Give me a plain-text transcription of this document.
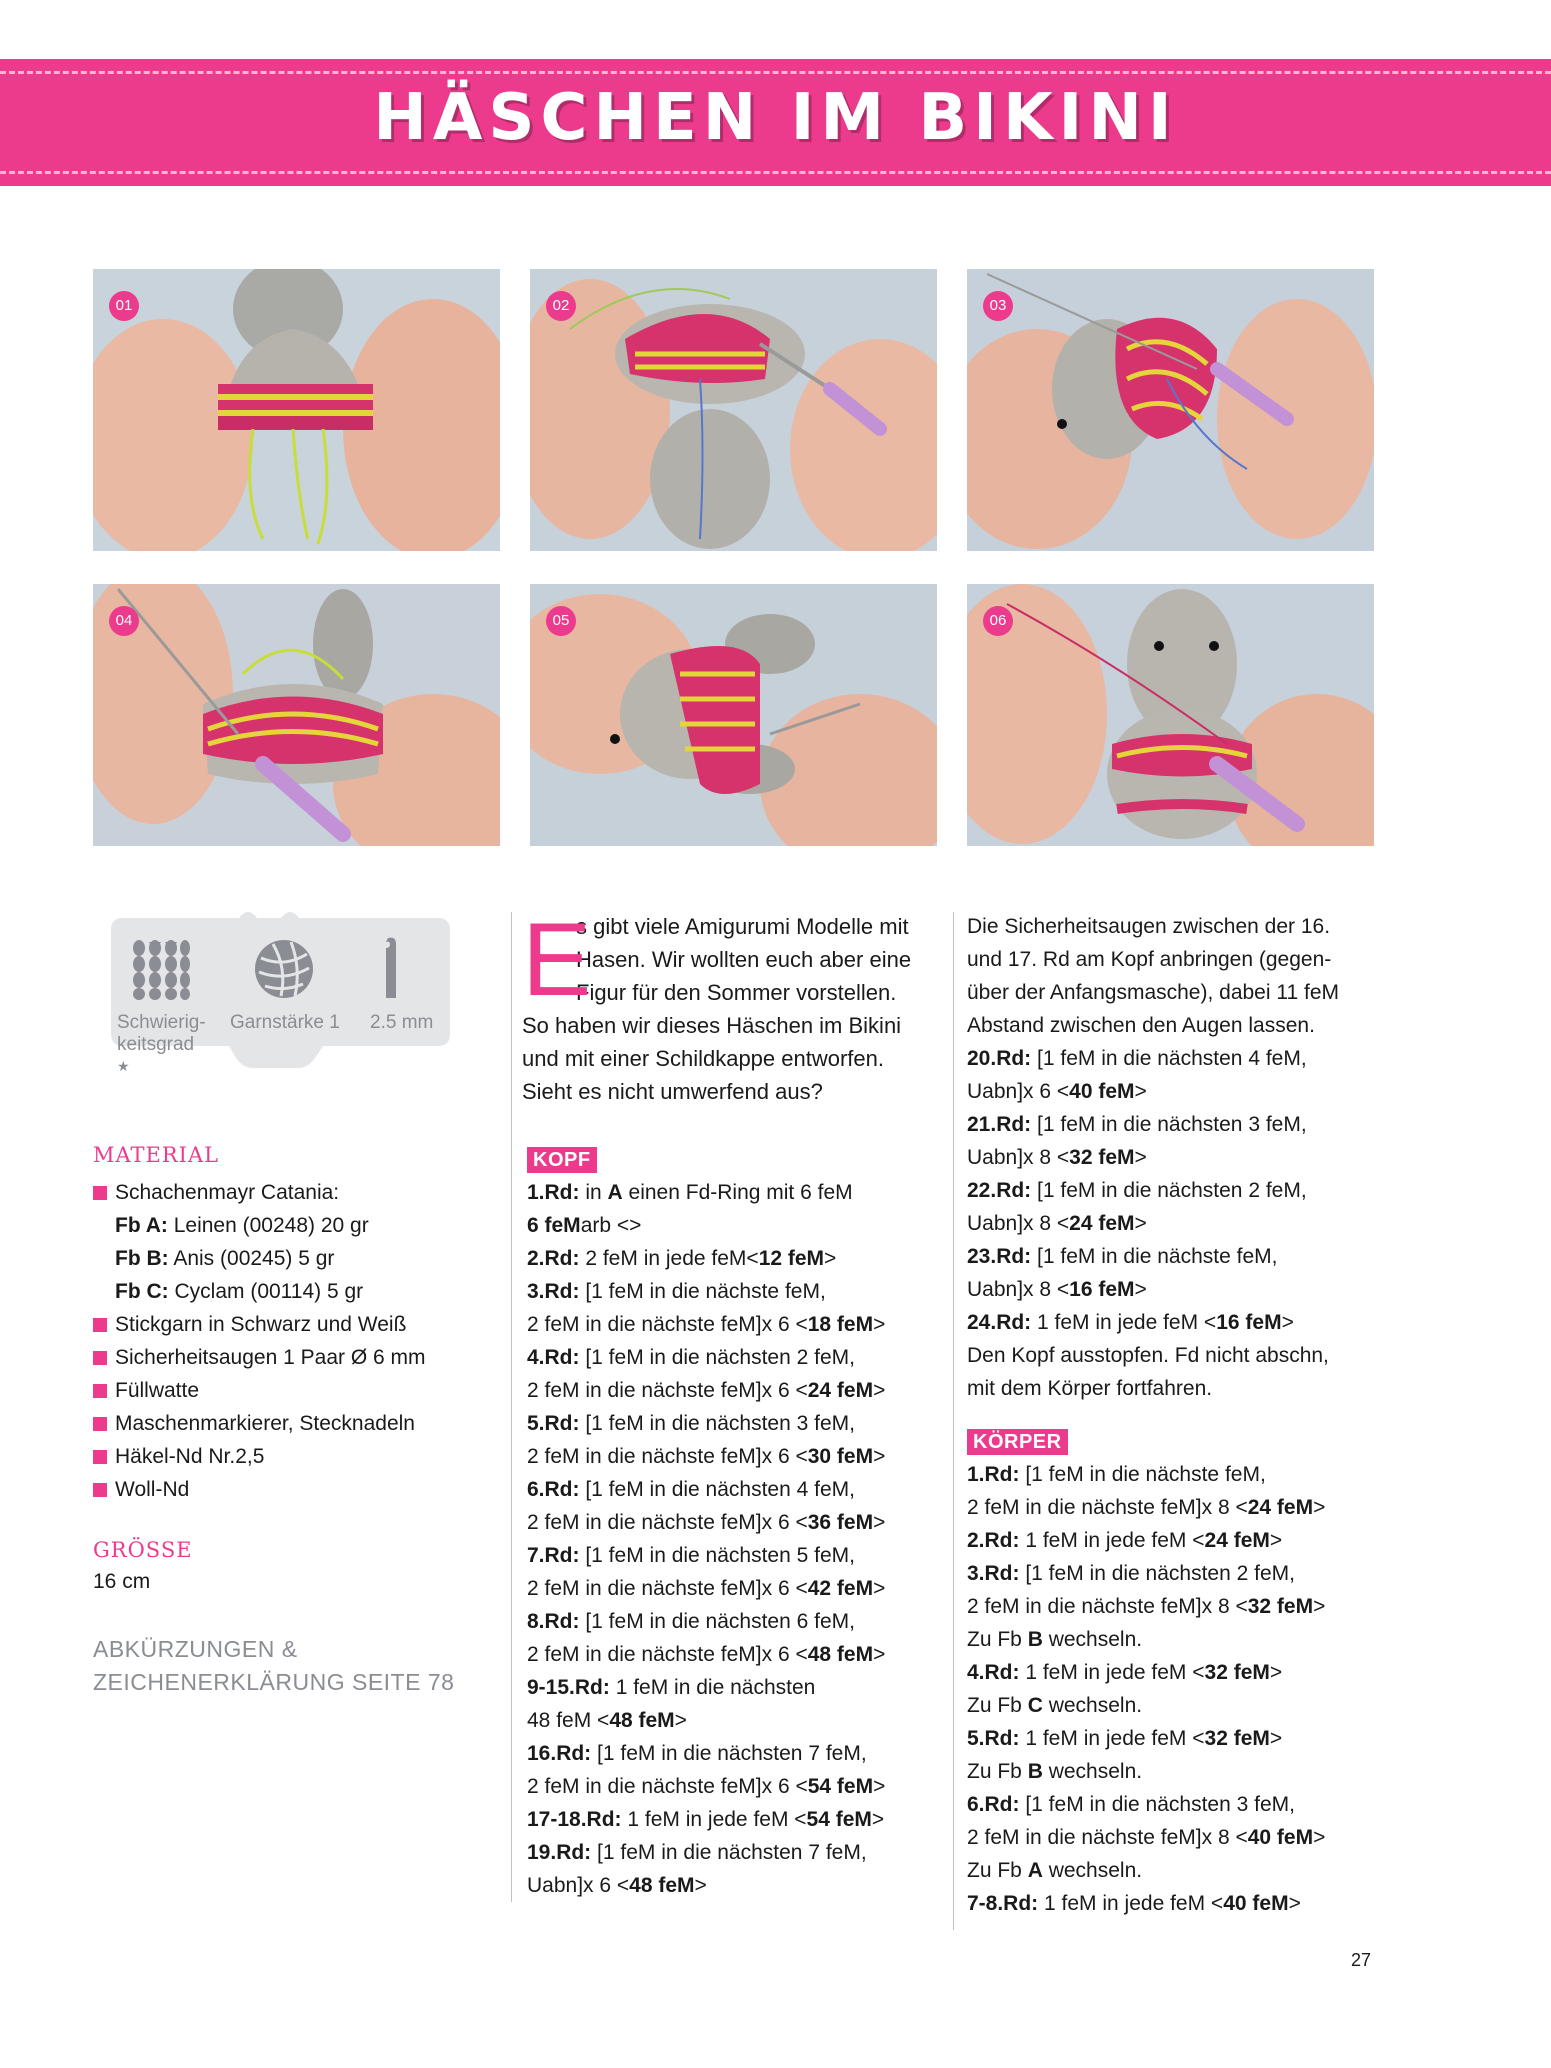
HÄSCHEN IM BIKINI
01	02	03
04	05	06
Schwierig-
keitsgrad
★★★
Garnstärke 1 2.5 mm
MATERIAL
Schachenmayr Catania:
Fb A: Leinen (00248) 20 gr
Fb B: Anis (00245) 5 gr
Fb C: Cyclam (00114) 5 gr
Stickgarn in Schwarz und Weiß
Sicherheitsaugen 1 Paar Ø 6 mm
Füllwatte
Maschenmarkierer, Stecknadeln
Häkel-Nd Nr.2,5
Woll-Nd
GRÖSSE
16 cm
ABKÜRZUNGEN &
ZEICHENERKLÄRUNG SEITE 78
E
s gibt viele Amigurumi Modelle mit
Hasen. Wir wollten euch aber eine
Figur für den Sommer vorstellen.
So haben wir dieses Häschen im Bikini
und mit einer Schildkappe entworfen.
Sieht es nicht umwerfend aus?
KOPF
1.Rd: in A einen Fd-Ring mit 6 feM
6 feMarb <>
2.Rd: 2 feM in jede feM<12 feM>
3.Rd: [1 feM in die nächste feM,
2 feM in die nächste feM]x 6 <18 feM>
4.Rd: [1 feM in die nächsten 2 feM,
2 feM in die nächste feM]x 6 <24 feM>
5.Rd: [1 feM in die nächsten 3 feM,
2 feM in die nächste feM]x 6 <30 feM>
6.Rd: [1 feM in die nächsten 4 feM,
2 feM in die nächste feM]x 6 <36 feM>
7.Rd: [1 feM in die nächsten 5 feM,
2 feM in die nächste feM]x 6 <42 feM>
8.Rd: [1 feM in die nächsten 6 feM,
2 feM in die nächste feM]x 6 <48 feM>
9-15.Rd: 1 feM in die nächsten
48 feM <48 feM>
16.Rd: [1 feM in die nächsten 7 feM,
2 feM in die nächste feM]x 6 <54 feM>
17-18.Rd: 1 feM in jede feM <54 feM>
19.Rd: [1 feM in die nächsten 7 feM,
Uabn]x 6 <48 feM>
Die Sicherheitsaugen zwischen der 16.
und 17. Rd am Kopf anbringen (gegen-
über der Anfangsmasche), dabei 11 feM
Abstand zwischen den Augen lassen.
20.Rd: [1 feM in die nächsten 4 feM,
Uabn]x 6 <40 feM>
21.Rd: [1 feM in die nächsten 3 feM,
Uabn]x 8 <32 feM>
22.Rd: [1 feM in die nächsten 2 feM,
Uabn]x 8 <24 feM>
23.Rd: [1 feM in die nächste feM,
Uabn]x 8 <16 feM>
24.Rd: 1 feM in jede feM <16 feM>
Den Kopf ausstopfen. Fd nicht abschn,
mit dem Körper fortfahren.
KÖRPER
1.Rd: [1 feM in die nächste feM,
2 feM in die nächste feM]x 8 <24 feM>
2.Rd: 1 feM in jede feM <24 feM>
3.Rd: [1 feM in die nächsten 2 feM,
2 feM in die nächste feM]x 8 <32 feM>
Zu Fb B wechseln.
4.Rd: 1 feM in jede feM <32 feM>
Zu Fb C wechseln.
5.Rd: 1 feM in jede feM <32 feM>
Zu Fb B wechseln.
6.Rd: [1 feM in die nächsten 3 feM,
2 feM in die nächste feM]x 8 <40 feM>
Zu Fb A wechseln.
7-8.Rd: 1 feM in jede feM <40 feM>
27
